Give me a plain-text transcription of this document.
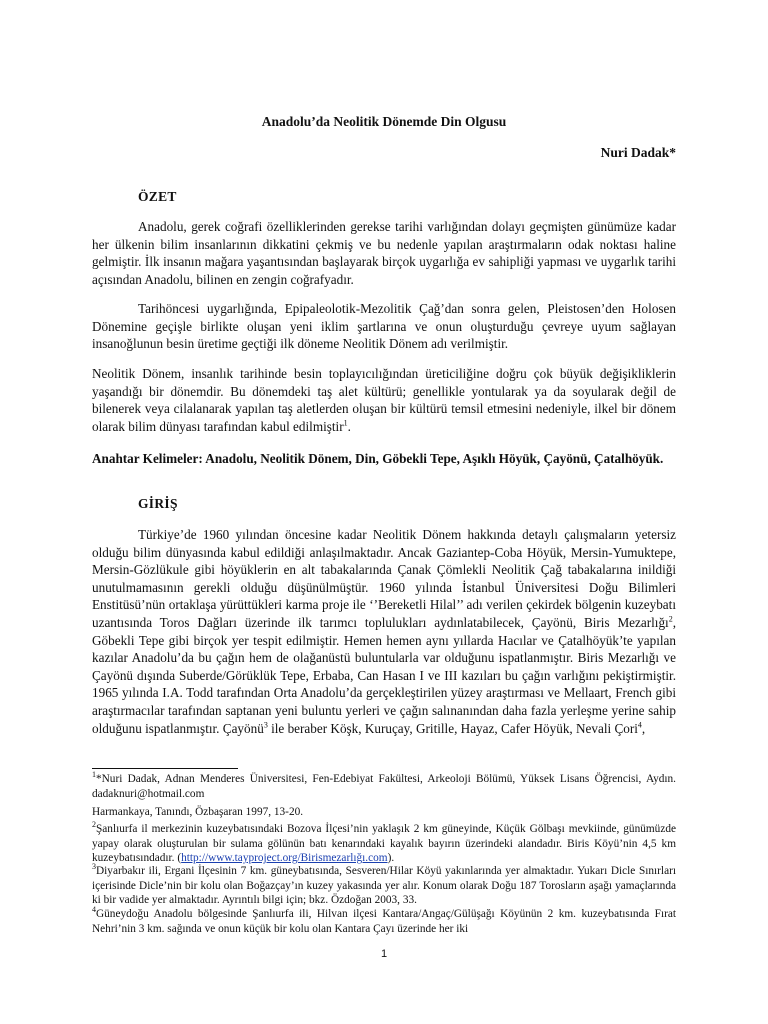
Anadolu’da Neolitik Dönemde Din Olgusu
Nuri Dadak*
ÖZET

Anadolu, gerek coğrafi özelliklerinden gerekse tarihi varlığından dolayı geçmişten günümüze kadar her ülkenin bilim insanlarının dikkatini çekmiş ve bu nedenle yapılan araştırmaların odak noktası haline gelmiştir. İlk insanın mağara yaşantısından başlayarak birçok uygarlığa ev sahipliği yapması ve uygarlık tarihi açısından Anadolu, bilinen en zengin coğrafyadır.

Tarihöncesi uygarlığında, Epipaleolotik-Mezolitik Çağ’dan sonra gelen, Pleistosen’den Holosen Dönemine geçişle birlikte oluşan yeni iklim şartlarına ve onun oluşturduğu çevreye uyum sağlayan insanoğlunun besin üretime geçtiği ilk döneme Neolitik Dönem adı verilmiştir.

Neolitik Dönem, insanlık tarihinde besin toplayıcılığından üreticiliğine doğru çok büyük değişikliklerin yaşandığı bir dönemdir. Bu dönemdeki taş alet kültürü; genellikle yontularak ya da soyularak değil de bilenerek veya cilalanarak yapılan taş aletlerden oluşan bir kültürü temsil etmesini nedeniyle, ilkel bir dönem olarak bilim dünyası tarafından kabul edilmiştir$^1$.

Anahtar Kelimeler: Anadolu, Neolitik Dönem, Din, Göbekli Tepe, Aşıklı Höyük, Çayönü, Çatalhöyük.

GİRİŞ

Türkiye’de 1960 yılından öncesine kadar Neolitik Dönem hakkında detaylı çalışmaların yetersiz olduğu bilim dünyasında kabul edildiği anlaşılmaktadır. Ancak Gaziantep-Coba Höyük, Mersin-Yumuktepe, Mersin-Gözlükule gibi höyüklerin en alt tabakalarında Çanak Çömlekli Neolitik Çağ tabakalarına inildiği unutulmamasının gerekli olduğu düşünülmüştür. 1960 yılında İstanbul Üniversitesi Doğu Bilimleri Enstitüsü’nün ortaklaşa yürüttükleri karma proje ile ‘’Bereketli Hilal’’ adı verilen çekirdek bölgenin kuzeybatı uzantısında Toros Dağları üzerinde ilk tarımcı toplulukları aydınlatabilecek, Çayönü, Biris Mezarlığı$^2$, Göbekli Tepe gibi birçok yer tespit edilmiştir. Hemen hemen aynı yıllarda Hacılar ve Çatalhöyük’te yapılan kazılar Anadolu’da bu çağın hem de olağanüstü buluntularla var olduğunu ispatlanmıştır. Biris Mezarlığı ve Çayönü dışında Suberde/Görüklük Tepe, Erbaba, Can Hasan I ve III kazıları bu çağın varlığını pekiştirmiştir. 1965 yılında I.A. Todd tarafından Orta Anadolu’da gerçekleştirilen yüzey araştırması ve Mellaart, French gibi araştırmacılar tarafından saptanan yeni buluntu yerleri ve çağın salınanından daha fazla yerleşme yerine sahip olduğunu ispatlanmıştır. Çayönü$^3$ ile beraber Köşk, Kuruçay, Gritille, Hayaz, Cafer Höyük, Nevali Çori$^4$,

$^1$*Nuri Dadak, Adnan Menderes Üniversitesi, Fen-Edebiyat Fakültesi, Arkeoloji Bölümü, Yüksek Lisans Öğrencisi, Aydın. dadaknuri@hotmail.com

Harmankaya, Tanındı, Özbaşaran 1997, 13-20.

$^2$Şanlıurfa il merkezinin kuzeybatısındaki Bozova İlçesi’nin yaklaşık 2 km güneyinde, Küçük Gölbaşı mevkiinde, günümüzde yapay olarak oluşturulan bir sulama gölünün batı kenarındaki kayalık bayırın üzerindeki alandadır. Biris Köyü’nin 4,5 km kuzeybatısındadır. (http://www.tayproject.org/Birismezarlığı.com).

$^3$Diyarbakır ili, Ergani İlçesinin 7 km. güneybatısında, Sesveren/Hilar Köyü yakınlarında yer almaktadır. Yukarı Dicle Sınırları içerisinde Dicle’nin bir kolu olan Boğazçay’ın kuzey yakasında yer alır. Konum olarak Doğu 187 Torosların aşağı yamaçlarında ki bir vadide yer almaktadır. Ayrıntılı bilgi için; bkz. Özdoğan 2003, 33.

$^4$Güneydoğu Anadolu bölgesinde Şanlıurfa ili, Hilvan ilçesi Kantara/Angaç/Gülüşağı Köyünün 2 km. kuzeybatısında Fırat Nehri’nin 3 km. sağında ve onun küçük bir kolu olan Kantara Çayı üzerinde her iki

1
